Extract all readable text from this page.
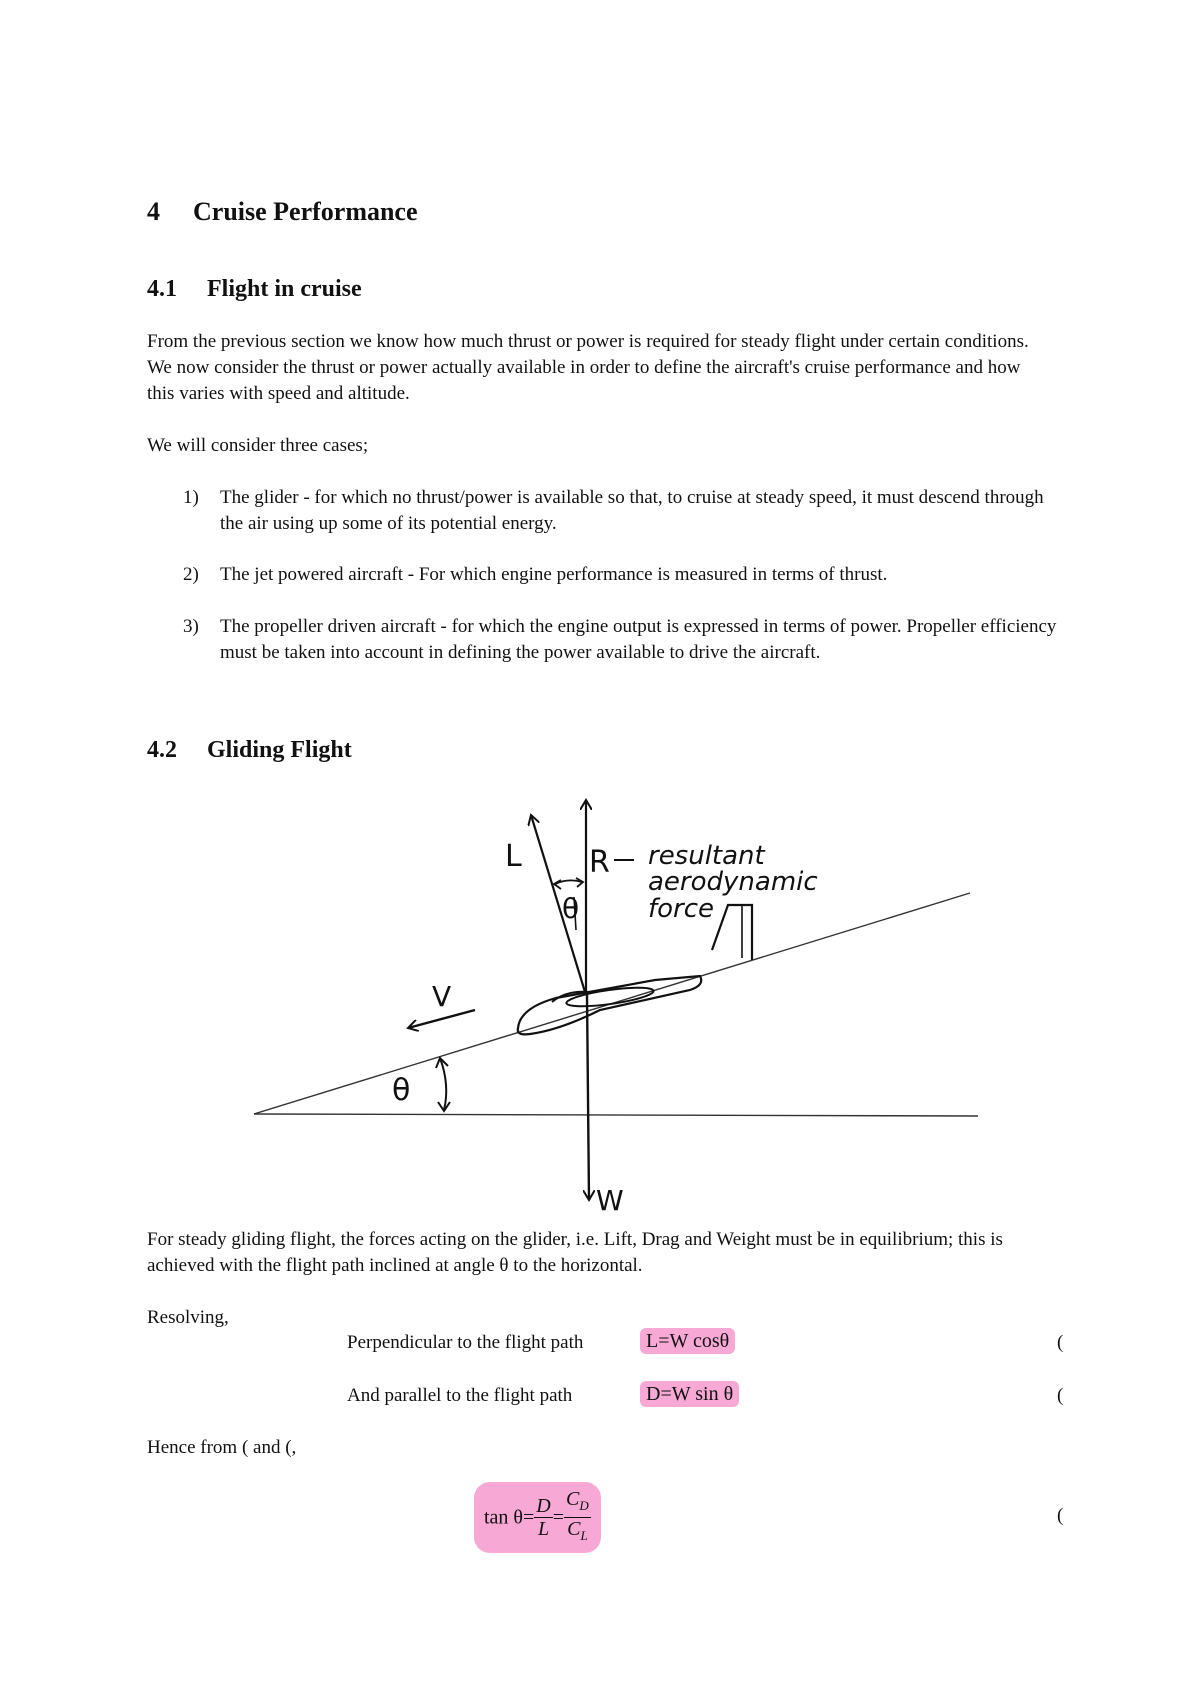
4 Cruise Performance
4.1 Flight in cruise

From the previous section we know how much thrust or power is required for steady flight under certain conditions. We now consider the thrust or power actually available in order to define the aircraft's cruise performance and how this varies with speed and altitude.

We will consider three cases;

1) The glider - for which no thrust/power is available so that, to cruise at steady speed, it must descend through the air using up some of its potential energy.
2) The jet powered aircraft - For which engine performance is measured in terms of thrust.
3) The propeller driven aircraft - for which the engine output is expressed in terms of power. Propeller efficiency must be taken into account in defining the power available to drive the aircraft.
4.2 Gliding Flight
L R resultant
aerodynamic
force
θ
V
θ
W

For steady gliding flight, the forces acting on the glider, i.e. Lift, Drag and Weight must be in equilibrium; this is achieved with the flight path inclined at angle θ to the horizontal.

Resolving,

Perpendicular to the flight path	L=W cosθ	(
And parallel to the flight path	D=W sin θ	(

Hence from ( and (,

$\tan \theta= \frac{D}{L} = \frac{C_D}{C_L}$	(
